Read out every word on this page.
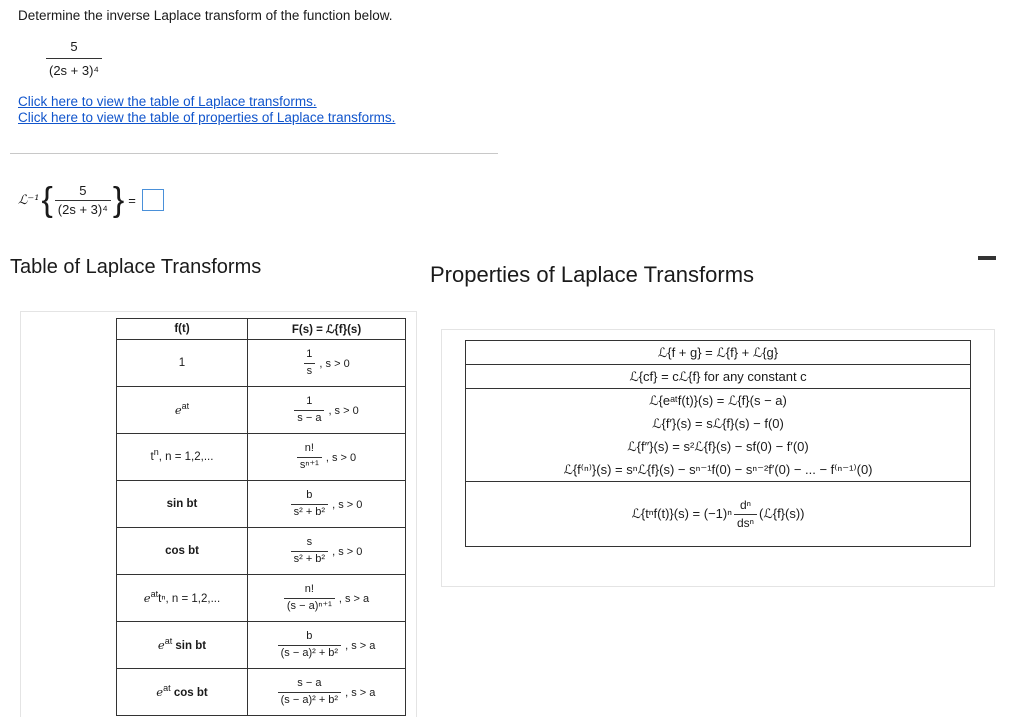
Determine the inverse Laplace transform of the function below.
$\frac{5}{\text{(2s + 3)⁴}}$
Click here to view the table of Laplace transforms.
Click here to view the table of properties of Laplace transforms.
ℒ⁻¹ { $\frac{5}{\text{(2s + 3)⁴}}$ } =
Table of Laplace Transforms	Properties of Laplace Transforms
f(t)	F(s) = ℒ{f}(s)
1	$\frac{1}{s}$ , s > 0

$e^{at}$	$\frac{1}{s - a}$ , s > 0

$t^n$, n = 1,2,...	$\frac{n!}{\text{sⁿ⁺¹}}$ , s > 0

sin bt	$\frac{b}{\text{s² + b²}}$ , s > 0

cos bt	$\frac{s}{\text{s² + b²}}$ , s > 0

$e^{at}t^n$, n = 1,2,...	$\frac{n!}{\text{(s − a)ⁿ⁺¹}}$ , s > a

$e^{at}$ sin bt	$\frac{b}{\text{(s − a)² + b²}}$ , s > a

$e^{at}$ cos bt	$\frac{s - a}{\text{(s − a)² + b²}}$ , s > a
ℒ{f + g} = ℒ{f} + ℒ{g}
ℒ{cf} = cℒ{f} for any constant c
ℒ{eᵃᵗf(t)}(s) = ℒ{f}(s − a)
ℒ{f′}(s) = sℒ{f}(s) − f(0)
ℒ{f″}(s) = s²ℒ{f}(s) − sf(0) − f′(0)
ℒ{f⁽ⁿ⁾}(s) = sⁿℒ{f}(s) − sⁿ⁻¹f(0) − sⁿ⁻²f′(0) − ... − f⁽ⁿ⁻¹⁾(0)
ℒ{tⁿf(t)}(s) = $(-1)^n \frac{\text{dⁿ}}{\text{dsⁿ}}$ (ℒ{f}(s))
